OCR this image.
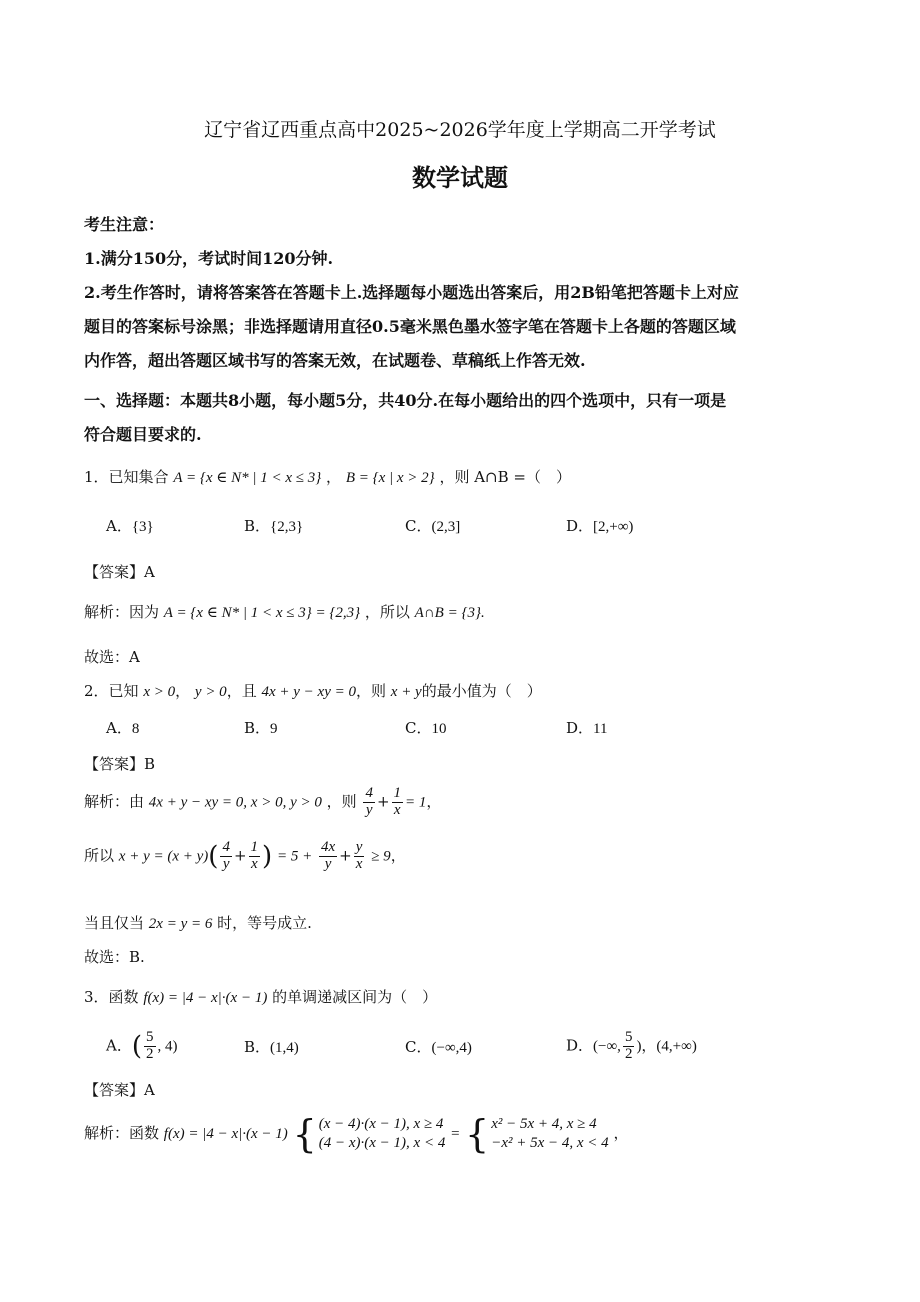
辽宁省辽西重点高中2025~2026学年度上学期高二开学考试
数学试题
考生注意：
1.满分150分，考试时间120分钟.
2.考生作答时，请将答案答在答题卡上.选择题每小题选出答案后，用2B铅笔把答题卡上对应
题目的答案标号涂黑；非选择题请用直径0.5毫米黑色墨水签字笔在答题卡上各题的答题区域
内作答，超出答题区域书写的答案无效，在试题卷、草稿纸上作答无效.
一、选择题：本题共8小题，每小题5分，共40分.在每小题给出的四个选项中，只有一项是
符合题目要求的.
1．已知集合 A = {x ∈ N* | 1 < x ≤ 3} ， B = {x | x > 2} ，则 A∩B =（　）
A．{3}	B．{2,3}	C．(2,3]	D．[2,+∞)
【答案】A
解析：因为 A = {x ∈ N* | 1 < x ≤ 3} = {2,3} ，所以 A∩B = {3}.
故选：A
2．已知 x > 0， y > 0，且 4x + y − xy = 0，则 x + y的最小值为（　）
A．8	B．9	C．10	D．11
【答案】B
解析：由 4x + y − xy = 0, x > 0, y > 0 ，则 $\frac{4}{y} + \frac{1}{x} = 1$，
所以 $x + y = (x + y)( \frac{4}{y} + \frac{1}{x}$ ) = $5 + \frac{4x}{y} + \frac{y}{x} \ge 9$，
当且仅当 2x = y = 6 时，等号成立.
故选：B.
3．函数 f(x) = |4 − x|·(x − 1) 的单调递减区间为（　）
A．( $\frac{5}{2}$ , 4)	B．(1,4)	C．(−∞,4)	D．(−∞, $\frac{5}{2}$ )，(4,+∞)
【答案】A
解析：函数 f(x) = |4 − x|·(x − 1) { (x − 4)·(x − 1), x ≥ 4
(4 − x)·(x − 1), x < 4
= { x² − 5x + 4, x ≥ 4
−x² + 5x − 4, x < 4
，
